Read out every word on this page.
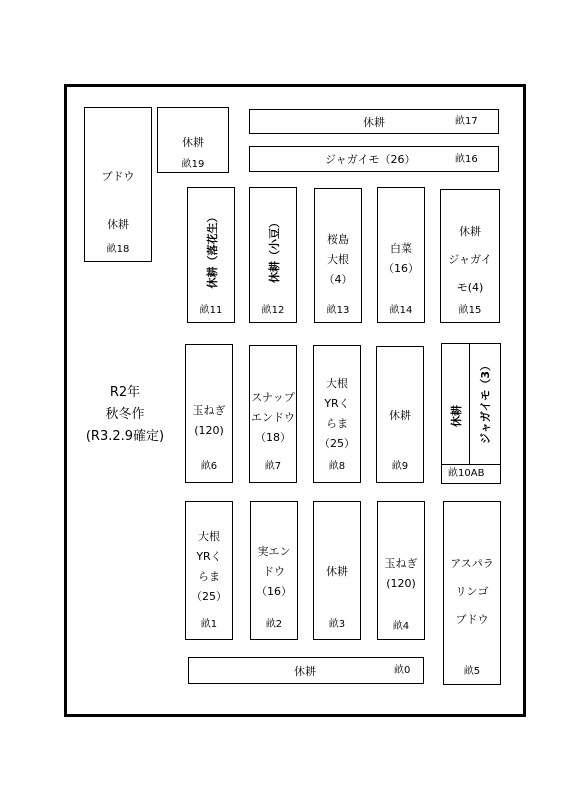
R2年
秋冬作
(R3.2.9確定)
休耕	畝17
ジャガイモ（26）	畝16
ブドウ
休耕
畝18
休耕
畝19
休耕（落花生）
畝11
休耕（小豆）
畝12
桜島
大根
（4）
畝13
白菜
（16）
畝14
休耕
ジャガイ
モ(4)
畝15
玉ねぎ
(120)
畝6
スナップ
エンドウ
（18）
畝7
大根
YRく
らま
（25）
畝8
休耕
畝9
休耕 ジャガイモ（3）
畝10AB
大根
YRく
らま
（25）
畝1
実エン
ドウ
（16）
畝2
休耕
畝3
玉ねぎ
(120)
畝4
アスパラ
リンゴ
ブドウ
畝5
休耕	畝0
